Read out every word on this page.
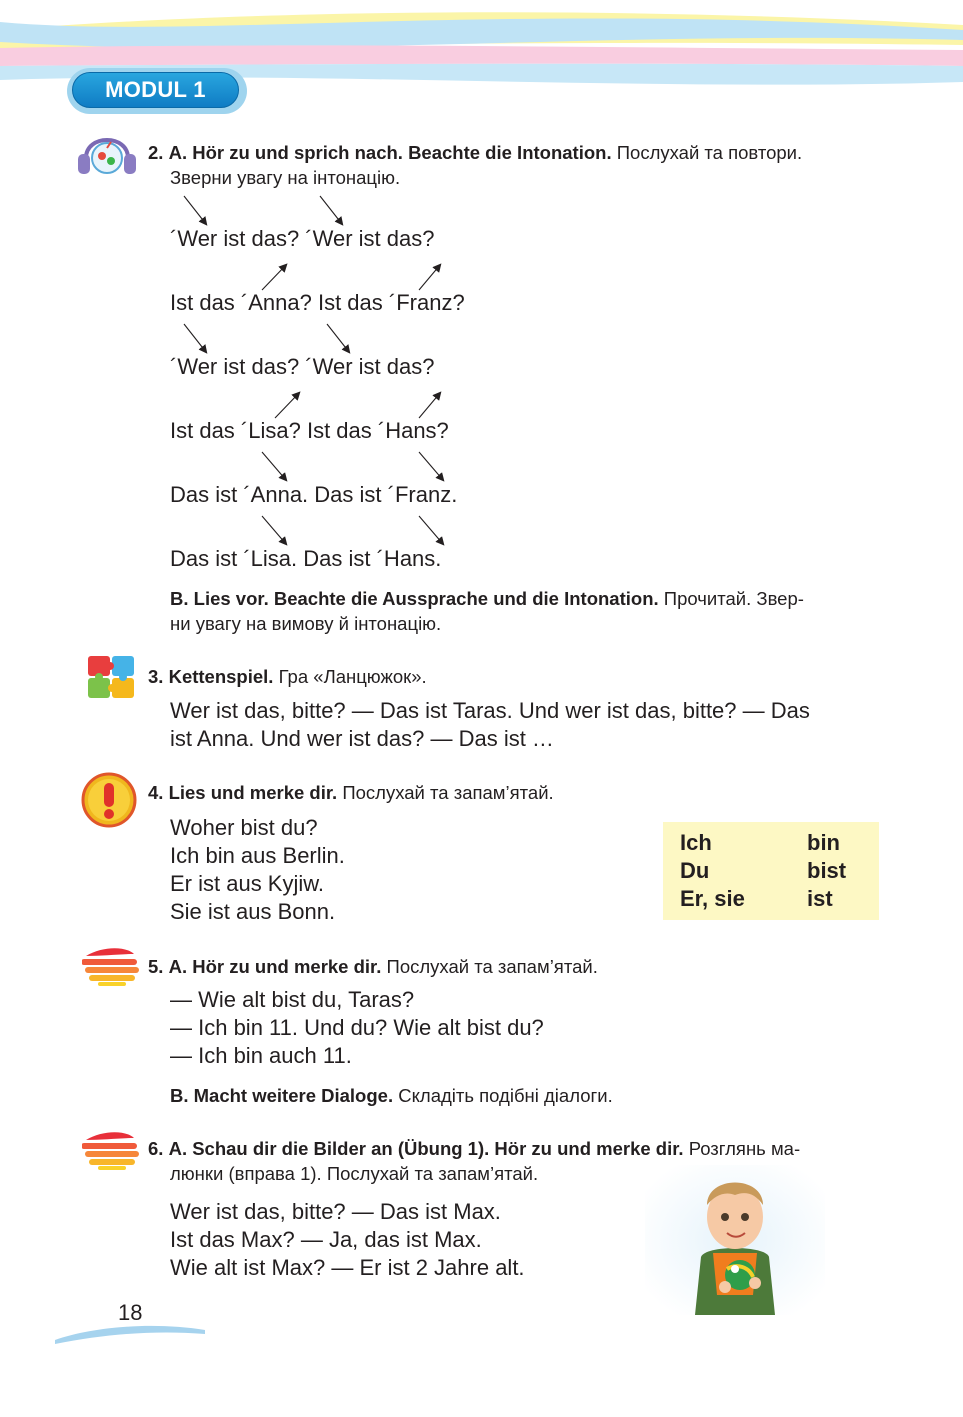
MODUL 1
2. A. Hör zu und sprich nach. Beachte die Intonation. Послухай та повтори.
Зверни увагу на інтонацію.
´Wer ist das? ´Wer ist das?
Ist das ´Anna? Ist das ´Franz?
´Wer ist das? ´Wer ist das?
Ist das ´Lisa? Ist das ´Hans?
Das ist ´Anna. Das ist ´Franz.
Das ist ´Lisa. Das ist ´Hans.
B. Lies vor. Beachte die Aussprache und die Intonation. Прочитай. Звер-
ни увагу на вимову й інтонацію.
3. Kettenspiel. Гра «Ланцюжок».
Wer ist das, bitte? — Das ist Taras. Und wer ist das, bitte? — Das
ist Anna. Und wer ist das? — Das ist …
4. Lies und merke dir. Послухай та запам’ятай.
Woher bist du?
Ich bin aus Berlin.
Er ist aus Kyjiw.
Sie ist aus Bonn.
Ich	bin
Du	bist
Er, sie	ist
5. A. Hör zu und merke dir. Послухай та запам’ятай.
— Wie alt bist du, Taras?
— Ich bin 11. Und du? Wie alt bist du?
— Ich bin auch 11.
B. Macht weitere Dialoge. Складіть подібні діалоги.
6. A. Schau dir die Bilder an (Übung 1). Hör zu und merke dir. Розглянь ма-
люнки (вправа 1). Послухай та запам’ятай.
Wer ist das, bitte? — Das ist Max.
Ist das Max? — Ja, das ist Max.
Wie alt ist Max? — Er ist 2 Jahre alt.
18
